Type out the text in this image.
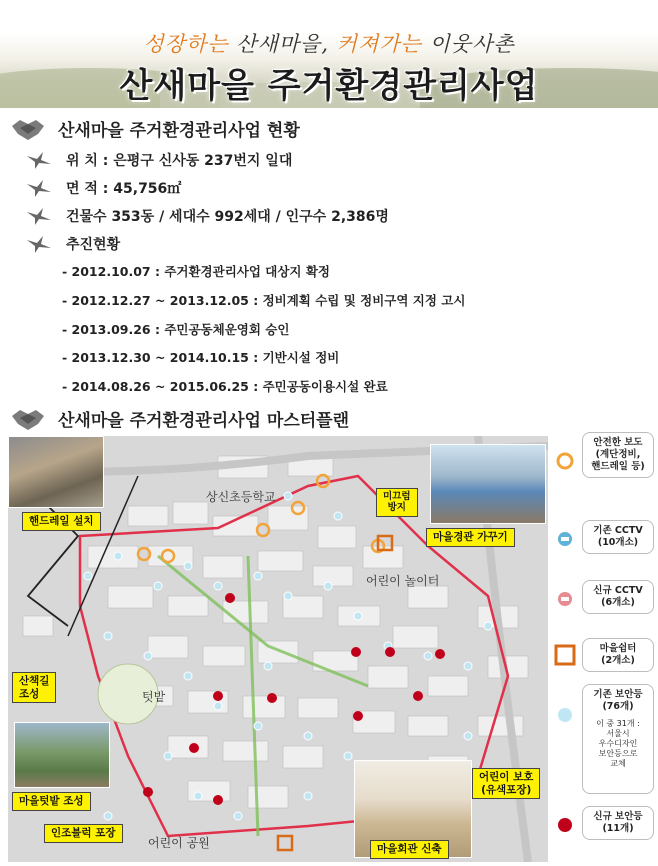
성장하는 산새마을, 커져가는 이웃사촌
산새마을 주거환경관리사업
산새마을 주거환경관리사업 현황
위 치 : 은평구 신사동 237번지 일대
면 적 : 45,756㎡
건물수 353동 / 세대수 992세대 / 인구수 2,386명
추진현황
- 2012.10.07 : 주거환경관리사업 대상지 확정
- 2012.12.27 ~ 2013.12.05 : 정비계획 수립 및 정비구역 지정 고시
- 2013.09.26 : 주민공동체운영회 승인
- 2013.12.30 ~ 2014.10.15 : 기반시설 정비
- 2014.08.26 ~ 2015.06.25 : 주민공동이용시설 완료
산새마을 주거환경관리사업 마스터플랜
핸드레일 설치
미끄럼
방지
마을경관 가꾸기
산책길
조성
마을텃밭 조성
인조블럭 포장
어린이 보호
(유색포장)
마을회관 신축
상신초등학교
어린이 놀이터
텃밭
어린이 공원
안전한 보도
(계단정비,
핸드레일 등)
기존 CCTV
(10개소)
신규 CCTV
(6개소)
마을쉼터
(2개소)
기존 보안등
(76개)
이 중 31개 :
서울시
우수디자인
보안등으로
교체
신규 보안등
(11개)
